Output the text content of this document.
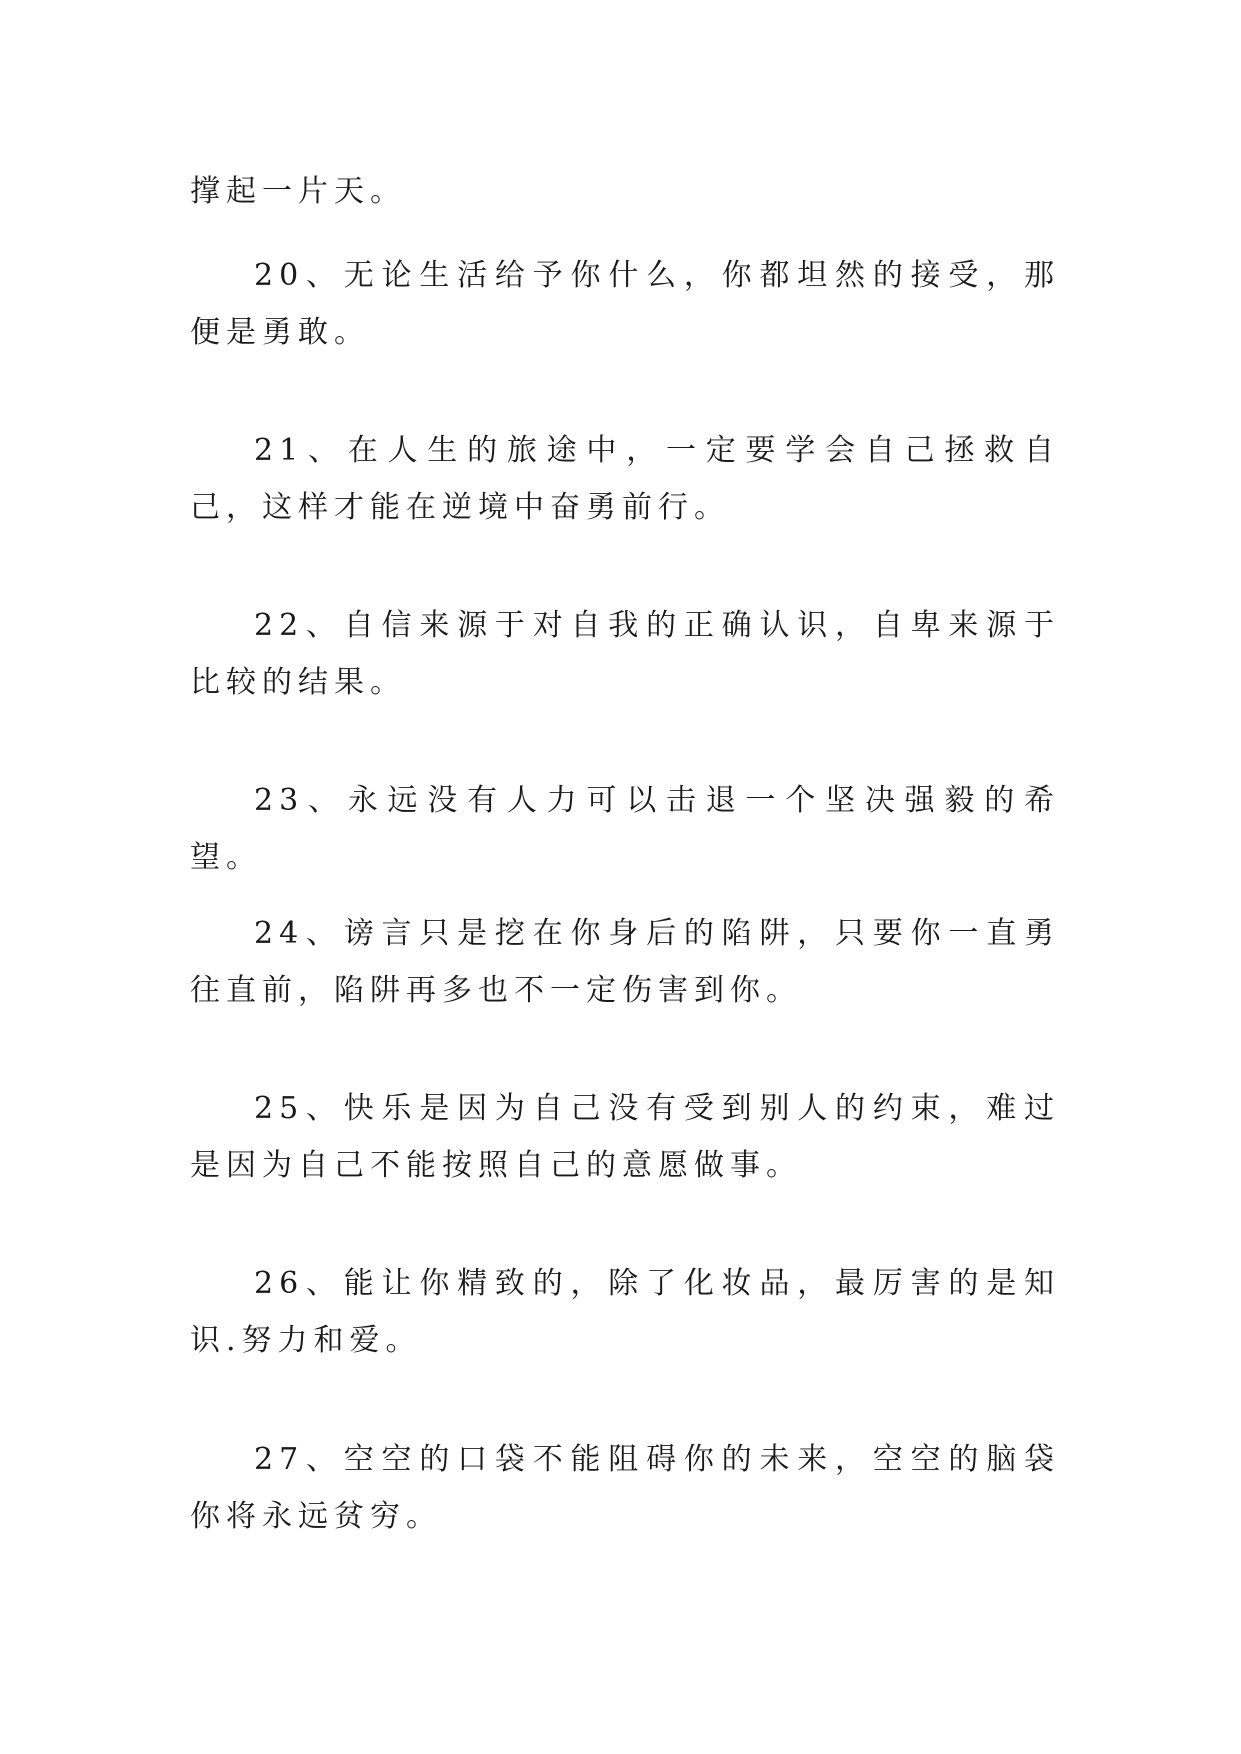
撑起一片天。

20、无论生活给予你什么，你都坦然的接受，那便是勇敢。

21、在人生的旅途中，一定要学会自己拯救自己，这样才能在逆境中奋勇前行。

22、自信来源于对自我的正确认识，自卑来源于比较的结果。

23、永远没有人力可以击退一个坚决强毅的希望。

24、谤言只是挖在你身后的陷阱，只要你一直勇往直前，陷阱再多也不一定伤害到你。

25、快乐是因为自己没有受到别人的约束，难过是因为自己不能按照自己的意愿做事。

26、能让你精致的，除了化妆品，最厉害的是知识.努力和爱。

27、空空的口袋不能阻碍你的未来，空空的脑袋你将永远贫穷。
